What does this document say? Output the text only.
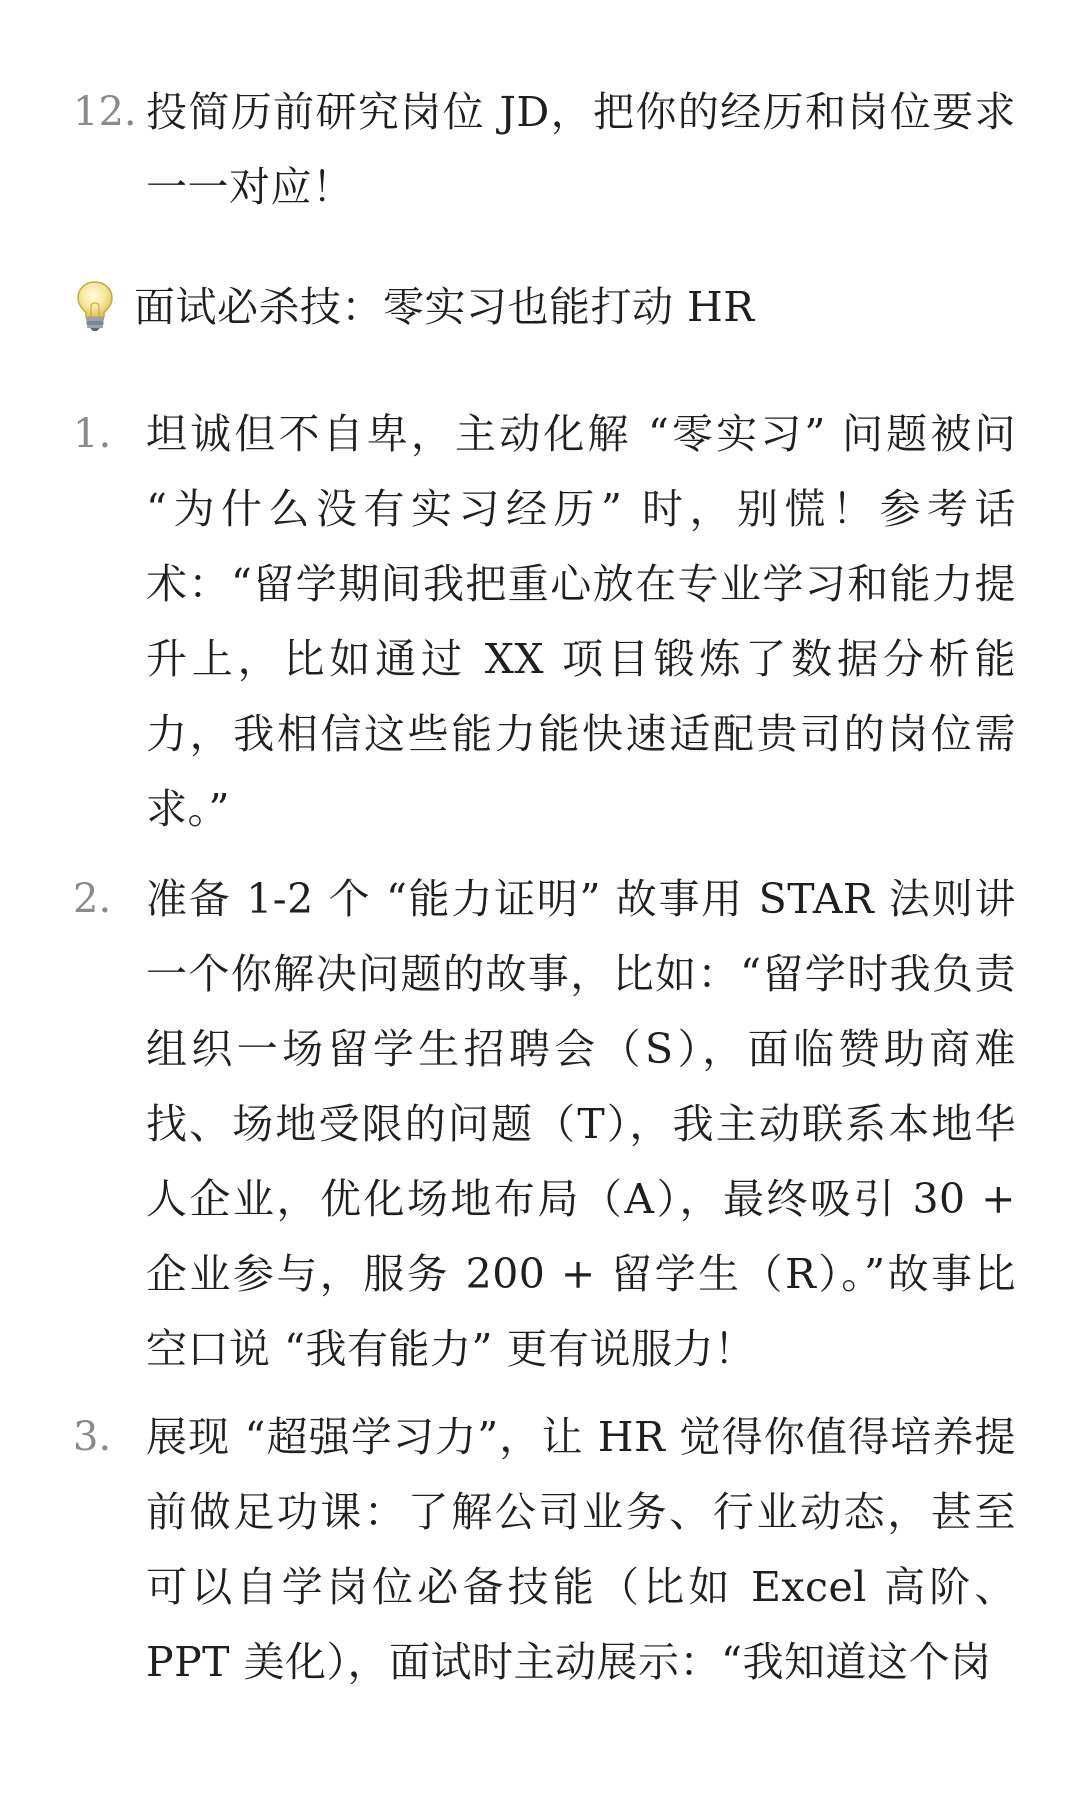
12. 投简历前研究岗位 JD，把你的经历和岗位要求一一对应！
面试必杀技：零实习也能打动 HR
1. 坦诚但不自卑，主动化解 “零实习” 问题被问 “为什么没有实习经历” 时，别慌！参考话术：“留学期间我把重心放在专业学习和能力提升上，比如通过 XX 项目锻炼了数据分析能力，我相信这些能力能快速适配贵司的岗位需求。”
2. 准备 1-2 个 “能力证明” 故事用 STAR 法则讲一个你解决问题的故事，比如：“留学时我负责组织一场留学生招聘会（S），面临赞助商难找、场地受限的问题（T），我主动联系本地华人企业，优化场地布局（A），最终吸引 30 + 企业参与，服务 200 + 留学生（R）。”故事比空口说 “我有能力” 更有说服力！
3. 展现 “超强学习力”，让 HR 觉得你值得培养提前做足功课：了解公司业务、行业动态，甚至可以自学岗位必备技能（比如 Excel 高阶、PPT 美化），面试时主动展示：“我知道这个岗
